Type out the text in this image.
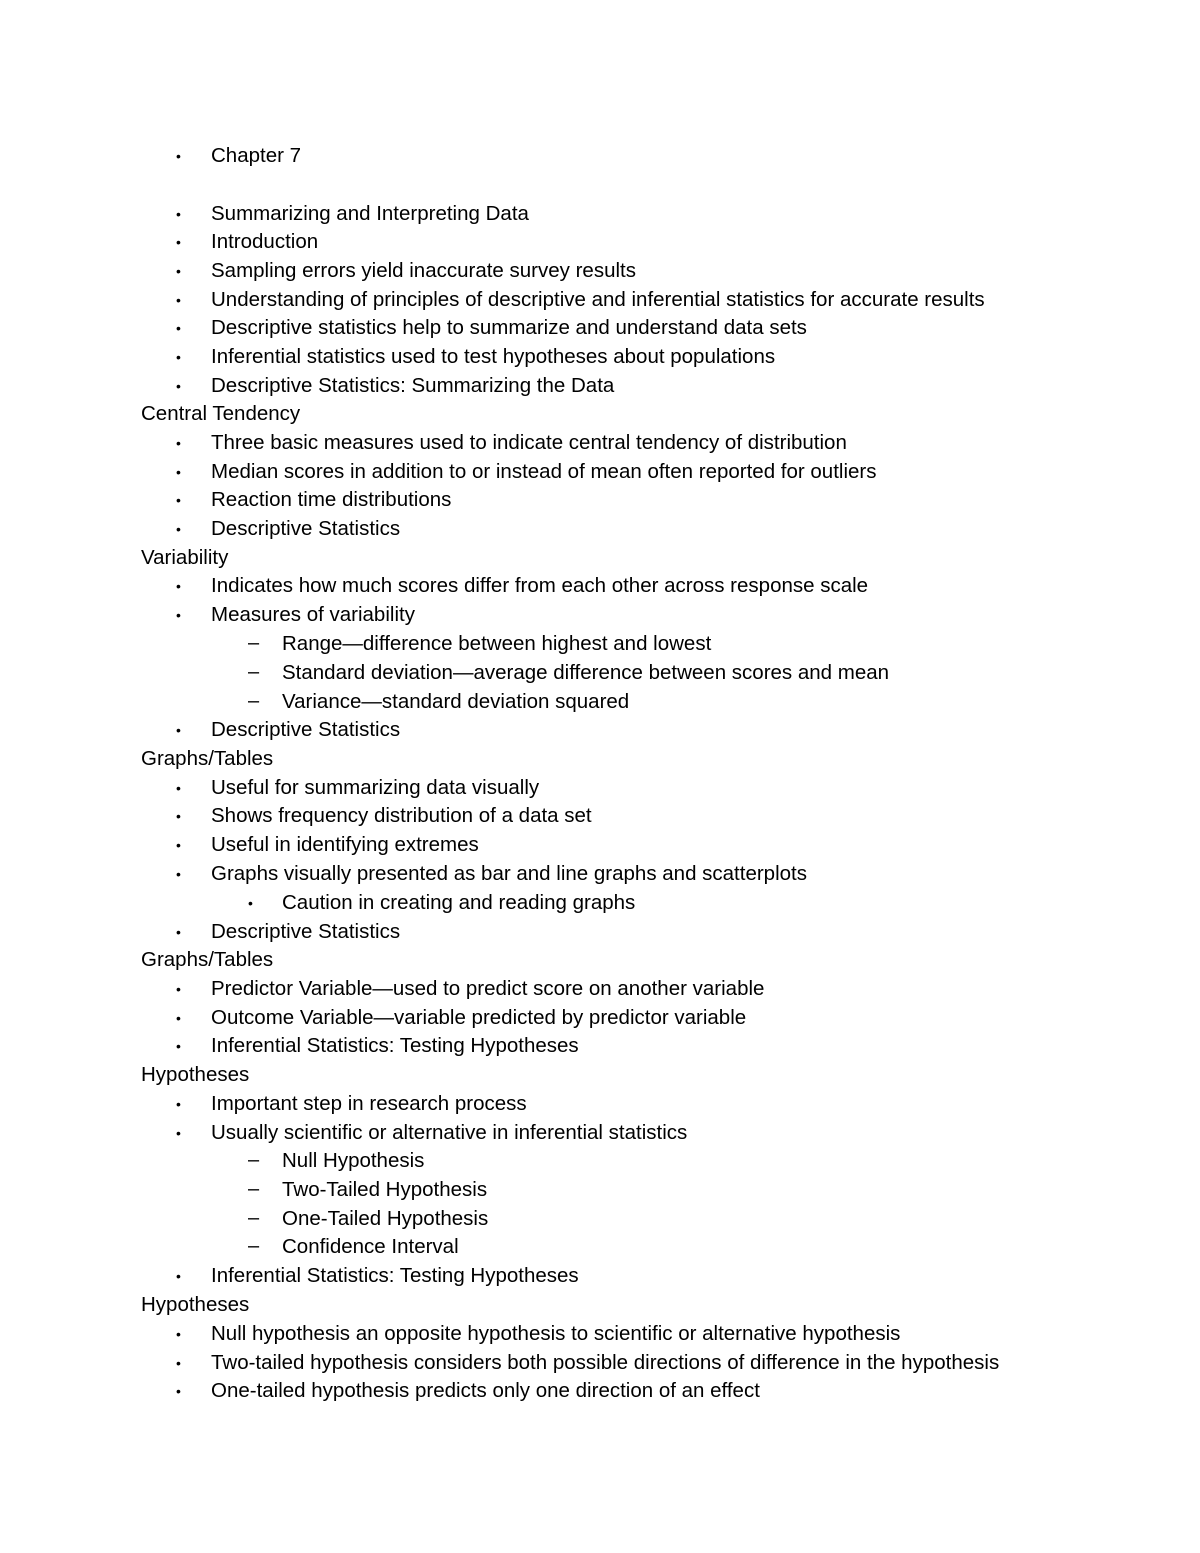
•	Chapter 7
•	Summarizing and Interpreting Data
•	Introduction
•	Sampling errors yield inaccurate survey results
•	Understanding of principles of descriptive and inferential statistics for accurate results
•	Descriptive statistics help to summarize and understand data sets
•	Inferential statistics used to test hypotheses about populations
•	Descriptive Statistics: Summarizing the Data
Central Tendency
•	Three basic measures used to indicate central tendency of distribution
•	Median scores in addition to or instead of mean often reported for outliers
•	Reaction time distributions
•	Descriptive Statistics
Variability
•	Indicates how much scores differ from each other across response scale
•	Measures of variability
–	Range—difference between highest and lowest
–	Standard deviation—average difference between scores and mean
–	Variance—standard deviation squared
•	Descriptive Statistics
Graphs/Tables
•	Useful for summarizing data visually
•	Shows frequency distribution of a data set
•	Useful in identifying extremes
•	Graphs visually presented as bar and line graphs and scatterplots
•	Caution in creating and reading graphs
•	Descriptive Statistics
Graphs/Tables
•	Predictor Variable—used to predict score on another variable
•	Outcome Variable—variable predicted by predictor variable
•	Inferential Statistics: Testing Hypotheses
Hypotheses
•	Important step in research process
•	Usually scientific or alternative in inferential statistics
–	Null Hypothesis
–	Two-Tailed Hypothesis
–	One-Tailed Hypothesis
–	Confidence Interval
•	Inferential Statistics: Testing Hypotheses
Hypotheses
•	Null hypothesis an opposite hypothesis to scientific or alternative hypothesis
•	Two-tailed hypothesis considers both possible directions of difference in the hypothesis
•	One-tailed hypothesis predicts only one direction of an effect
